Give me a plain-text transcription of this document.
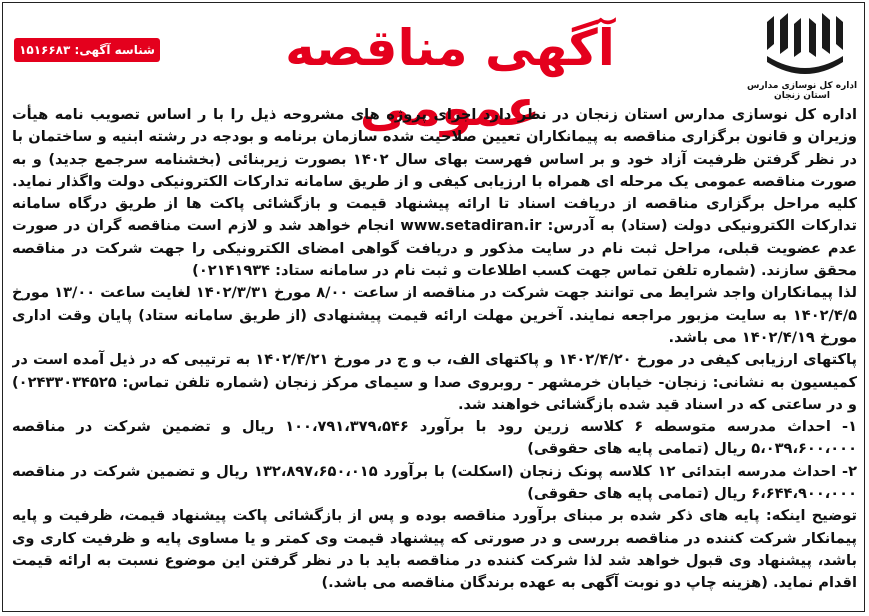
اداره کل نوسازی مدارس استان زنجان
آگهی مناقصه عمومی
شناسه آگهی: ۱۵۱۶۶۸۳

اداره کل نوسازی مدارس استان زنجان در نظر دارد اجرای پروژه های مشروحه ذیل را با ر اساس تصویب نامه هیأت وزیران و قانون برگزاری مناقصه به پیمانکاران تعیین صلاحیت شده سازمان برنامه و بودجه در رشته ابنیه و ساختمان با در نظر گرفتن ظرفیت آزاد خود و بر اساس فهرست بهای سال ۱۴۰۲ بصورت زیربنائی (بخشنامه سرجمع جدید) و به صورت مناقصه عمومی یک مرحله ای همراه با ارزیابی کیفی و از طریق سامانه تدارکات الکترونیکی دولت واگذار نماید. کلیه مراحل برگزاری مناقصه از دریافت اسناد تا ارائه پیشنهاد قیمت و بازگشائی پاکت ها از طریق درگاه سامانه تدارکات الکترونیکی دولت (ستاد) به آدرس: www.setadiran.ir انجام خواهد شد و لازم است مناقصه گران در صورت عدم عضویت قبلی، مراحل ثبت نام در سایت مذکور و دریافت گواهی امضای الکترونیکی را جهت شرکت در مناقصه محقق سازند. (شماره تلفن تماس جهت کسب اطلاعات و ثبت نام در سامانه ستاد: ۰۲۱۴۱۹۳۴)

لذا پیمانکاران واجد شرایط می توانند جهت شرکت در مناقصه از ساعت ۸/۰۰ مورخ ۱۴۰۲/۳/۳۱ لغایت ساعت ۱۳/۰۰ مورخ ۱۴۰۲/۴/۵ به سایت مزبور مراجعه نمایند. آخرین مهلت ارائه قیمت پیشنهادی (از طریق سامانه ستاد) پایان وقت اداری مورخ ۱۴۰۲/۴/۱۹ می باشد.

پاکتهای ارزیابی کیفی در مورخ ۱۴۰۲/۴/۲۰ و پاکتهای الف، ب و ج در مورخ ۱۴۰۲/۴/۲۱ به ترتیبی که در ذیل آمده است در کمیسیون به نشانی: زنجان- خیابان خرمشهر - روبروی صدا و سیمای مرکز زنجان (شماره تلفن تماس: ۰۲۴۳۳۰۳۴۵۲۵) و در ساعتی که در اسناد قید شده بازگشائی خواهند شد.

۱- احداث مدرسه متوسطه ۶ کلاسه زرین رود با برآورد ۱۰۰،۷۹۱،۳۷۹،۵۴۶ ریال و تضمین شرکت در مناقصه ۵،۰۳۹،۶۰۰،۰۰۰ ریال (تمامی پایه های حقوقی)

۲- احداث مدرسه ابتدائی ۱۲ کلاسه پونک زنجان (اسکلت) با برآورد ۱۳۲،۸۹۷،۶۵۰،۰۱۵ ریال و تضمین شرکت در مناقصه ۶،۶۴۴،۹۰۰،۰۰۰ ریال (تمامی پایه های حقوقی)

توضیح اینکه: پایه های ذکر شده بر مبنای برآورد مناقصه بوده و پس از بازگشائی پاکت پیشنهاد قیمت، ظرفیت و پایه پیمانکار شرکت کننده در مناقصه بررسی و در صورتی که پیشنهاد قیمت وی کمتر و یا مساوی پایه و ظرفیت کاری وی باشد، پیشنهاد وی قبول خواهد شد لذا شرکت کننده در مناقصه باید با در نظر گرفتن این موضوع نسبت به ارائه قیمت اقدام نماید. (هزینه چاپ دو نوبت آگهی به عهده برندگان مناقصه می باشد.)
